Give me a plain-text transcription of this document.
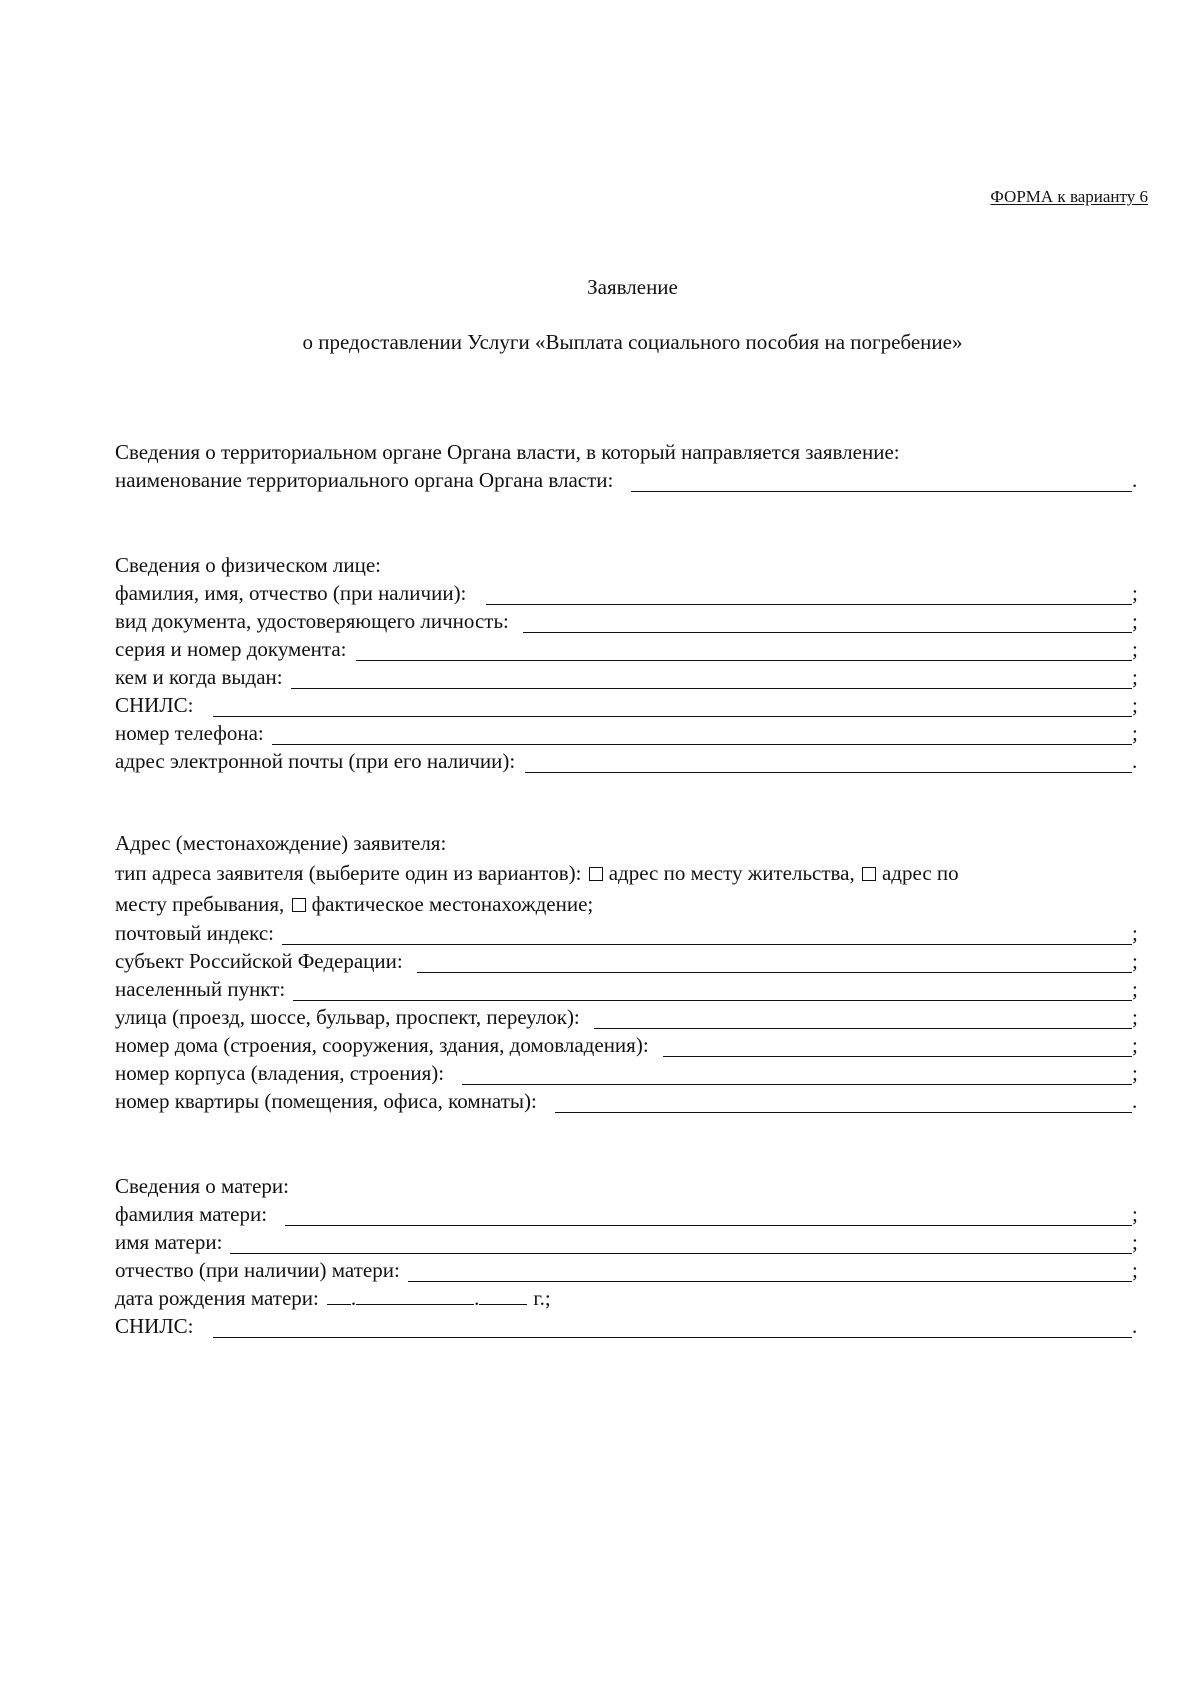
ФОРМА к варианту 6
Заявление
о предоставлении Услуги «Выплата социального пособия на погребение»
Сведения о территориальном органе Органа власти, в который направляется заявление:
наименование территориального органа Органа власти:	.
Сведения о физическом лице:
фамилия, имя, отчество (при наличии):	;
вид документа, удостоверяющего личность:	;
серия и номер документа:	;
кем и когда выдан:	;
СНИЛС:	;
номер телефона:	;
адрес электронной почты (при его наличии):	.
Адрес (местонахождение) заявителя:
тип адреса заявителя (выберите один из вариантов): адрес по месту жительства, адрес по
месту пребывания, фактическое местонахождение;
почтовый индекс:	;
субъект Российской Федерации:	;
населенный пункт:	;
улица (проезд, шоссе, бульвар, проспект, переулок):	;
номер дома (строения, сооружения, здания, домовладения):	;
номер корпуса (владения, строения):	;
номер квартиры (помещения, офиса, комнаты):	.
Сведения о матери:
фамилия матери:	;
имя матери:	;
отчество (при наличии) матери:	;
дата рождения матери: .	.	г.;
СНИЛС:	.
